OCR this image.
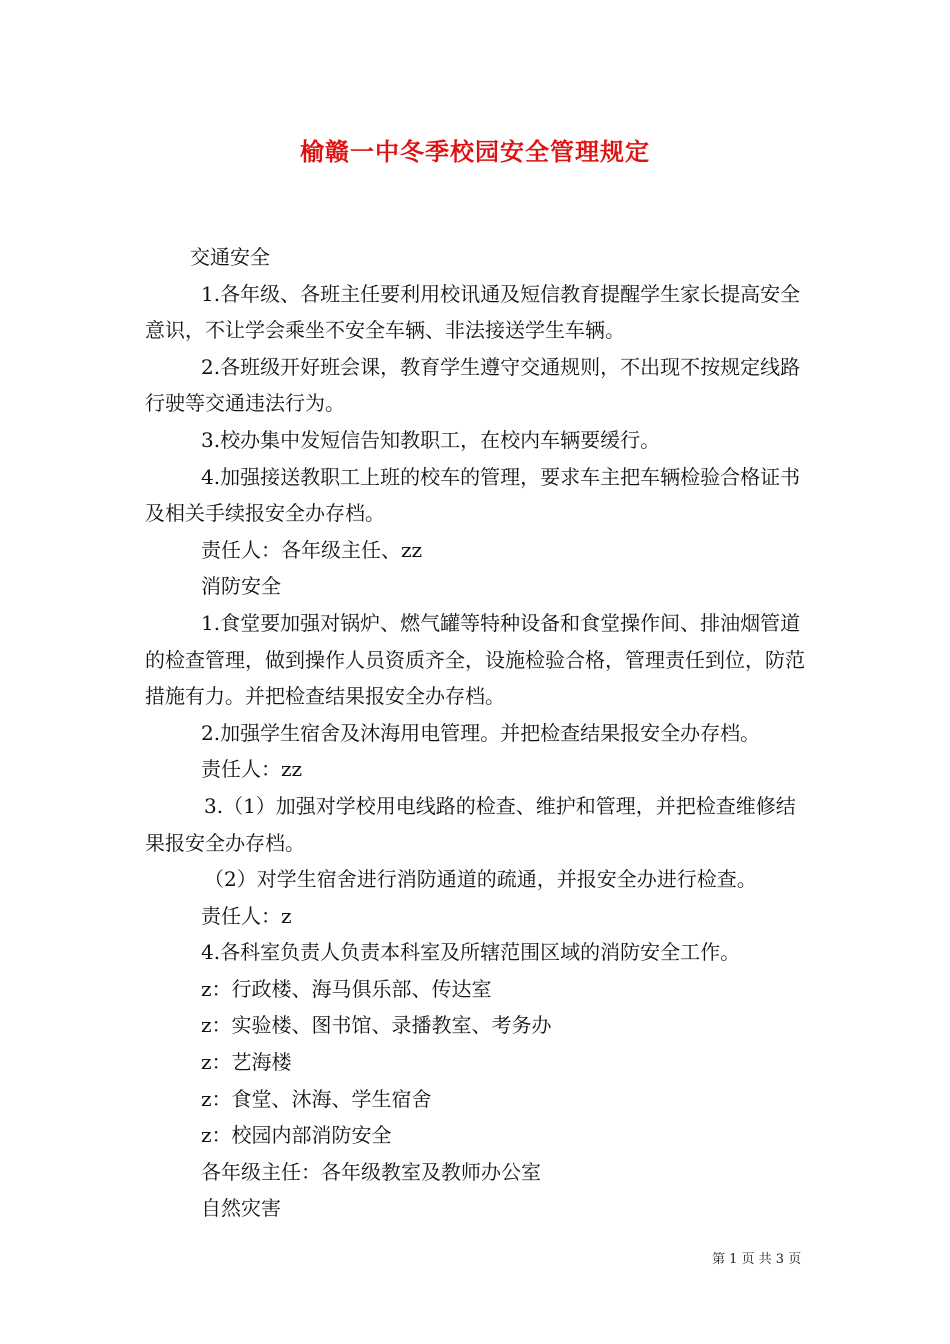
榆赣一中冬季校园安全管理规定

交通安全

1.各年级、各班主任要利用校讯通及短信教育提醒学生家长提高安全意识，不让学会乘坐不安全车辆、非法接送学生车辆。

2.各班级开好班会课，教育学生遵守交通规则，不出现不按规定线路行驶等交通违法行为。

3.校办集中发短信告知教职工，在校内车辆要缓行。

4.加强接送教职工上班的校车的管理，要求车主把车辆检验合格证书及相关手续报安全办存档。

责任人：各年级主任、zz

消防安全

1.食堂要加强对锅炉、燃气罐等特种设备和食堂操作间、排油烟管道的检查管理，做到操作人员资质齐全，设施检验合格，管理责任到位，防范措施有力。并把检查结果报安全办存档。

2.加强学生宿舍及沐海用电管理。并把检查结果报安全办存档。

责任人：zz

3.（1）加强对学校用电线路的检查、维护和管理，并把检查维修结果报安全办存档。

（2）对学生宿舍进行消防通道的疏通，并报安全办进行检查。

责任人：z

4.各科室负责人负责本科室及所辖范围区域的消防安全工作。

z：行政楼、海马俱乐部、传达室

z：实验楼、图书馆、录播教室、考务办

z：艺海楼

z：食堂、沐海、学生宿舍

z：校园内部消防安全

各年级主任：各年级教室及教师办公室

自然灾害

第 1 页 共 3 页
